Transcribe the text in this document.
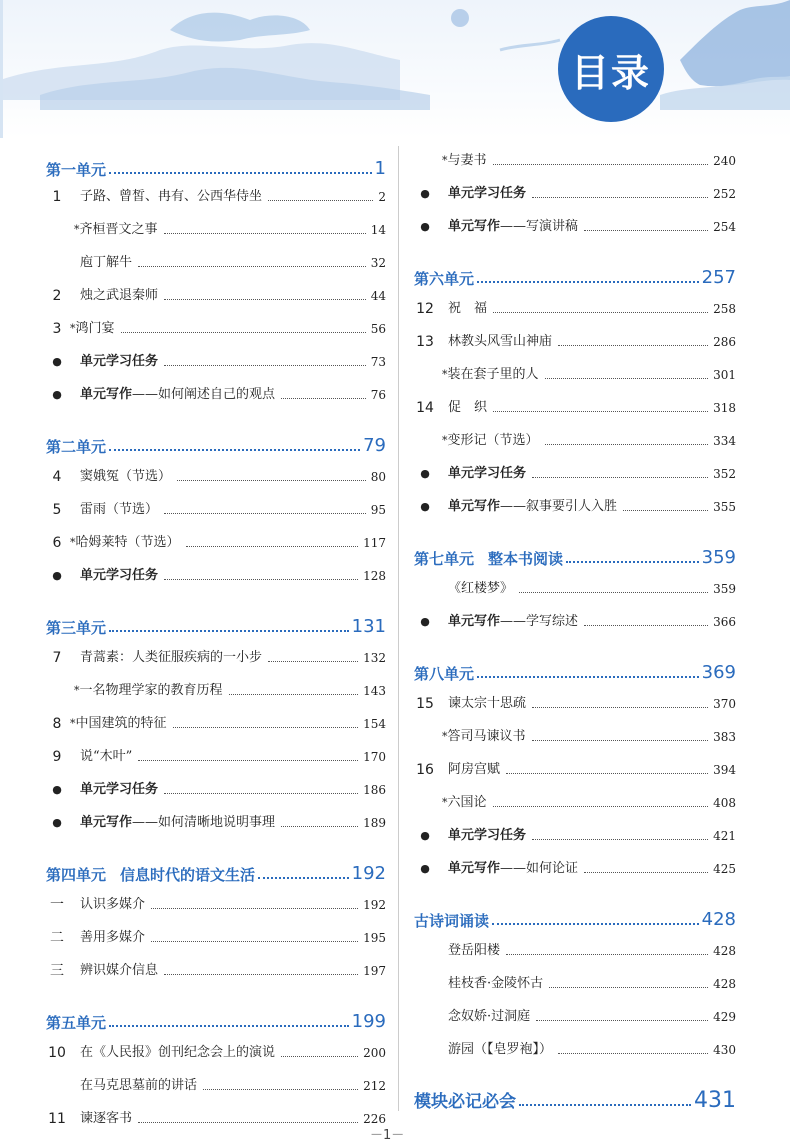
目录
第一单元	1
1	子路、曾皙、冉有、公西华侍坐	2
*齐桓晋文之事	14
庖丁解牛	32
2	烛之武退秦师	44
3 *鸿门宴	56
●	单元学习任务	73
●	单元写作——如何阐述自己的观点	76
第二单元	79
4	窦娥冤（节选）	80
5	雷雨（节选）	95
6 *哈姆莱特（节选）	117
●	单元学习任务	128
第三单元	131
7	青蒿素：人类征服疾病的一小步	132
*一名物理学家的教育历程	143
8 *中国建筑的特征	154
9	说“木叶”	170
●	单元学习任务	186
●	单元写作——如何清晰地说明事理	189
第四单元 信息时代的语文生活	192
一	认识多媒介	192
二	善用多媒介	195
三	辨识媒介信息	197
第五单元	199
10 在《人民报》创刊纪念会上的演说	200
在马克思墓前的讲话	212
11 谏逐客书	226
*与妻书	240
●	单元学习任务	252
●	单元写作——写演讲稿	254
第六单元	257
12 祝　福	258
13 林教头风雪山神庙	286
*装在套子里的人	301
14 促　织	318
*变形记（节选）	334
●	单元学习任务	352
●	单元写作——叙事要引人入胜	355
第七单元 整本书阅读	359
《红楼梦》	359
●	单元写作——学写综述	366
第八单元	369
15 谏太宗十思疏	370
*答司马谏议书	383
16 阿房宫赋	394
*六国论	408
●	单元学习任务	421
●	单元写作——如何论证	425
古诗词诵读	428
登岳阳楼	428
桂枝香·金陵怀古	428
念奴娇·过洞庭	429
游园（【皂罗袍】）	430
模块必记必会	431
－1－
